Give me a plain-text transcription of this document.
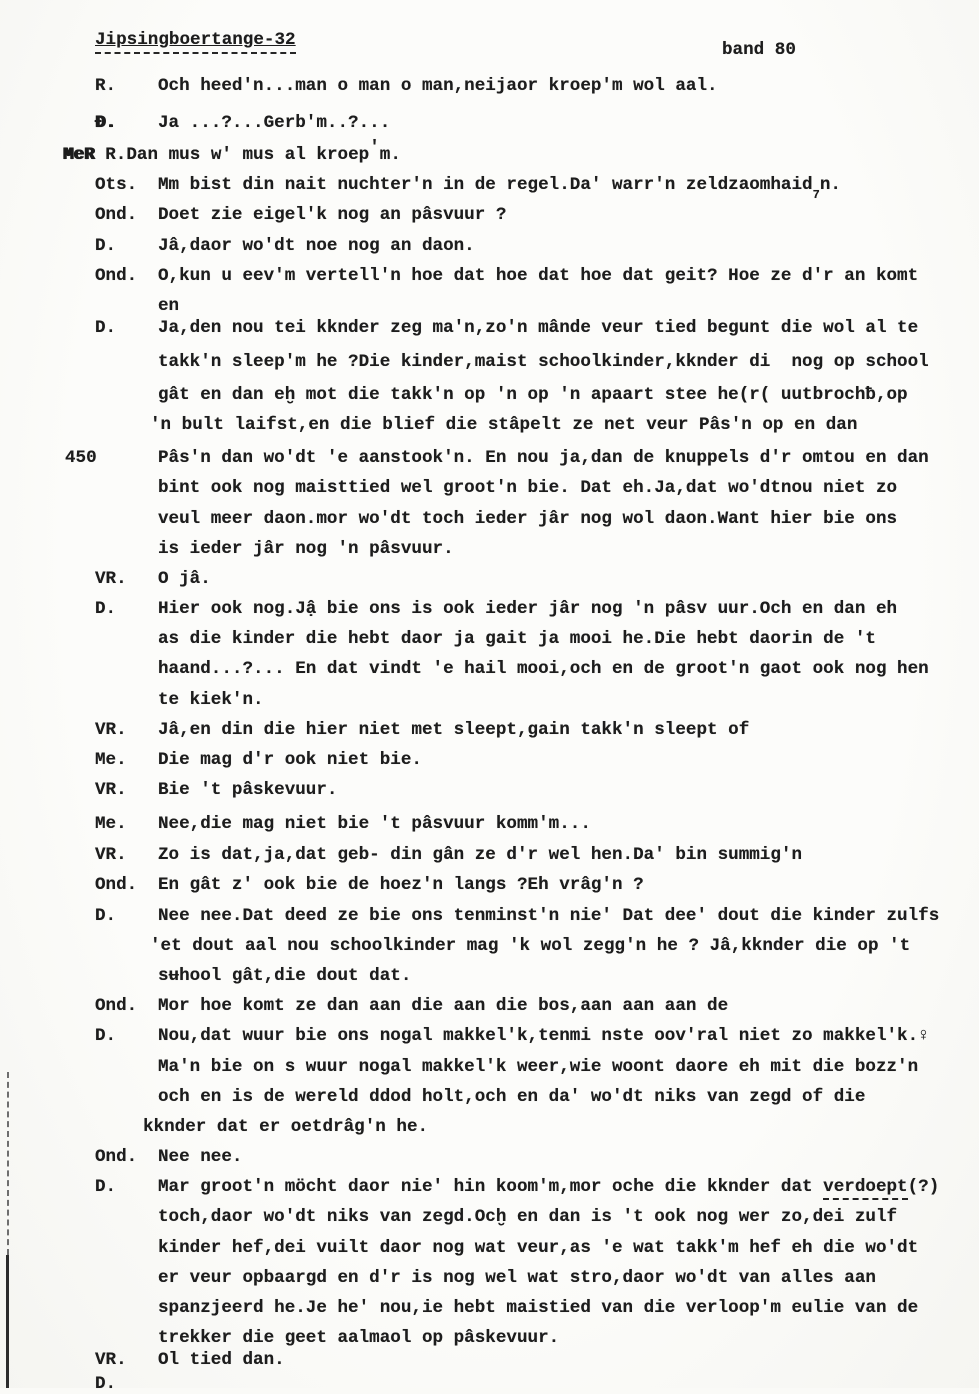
Jipsingboertange-32	band 80
R. Och heed'n...man o man o man,neijaor kroep'm wol aal.
Ɖ. Ja ...?...Gerb'm..?...
MeR R.Dan mus w' mus al kroep'm.
Ots. Mm bist din nait nuchter'n in de regel.Da' warr'n zeldzaomhaid$_7$n.
Ond. Doet zie eigel'k nog an pâsvuur ?
D. Jâ,daor wo'dt noe nog an daon.
Ond. O,kun u eev'm vertell'n hoe dat hoe dat hoe dat geit? Hoe ze d'r an komt
en
D. Ja,den nou tei kknder zeg ma'n,zo'n mânde veur tied begunt die wol al te
takk'n sleep'm he ?Die kinder,maist schoolkinder,kknder di  nog op school
gât en dan eḫ mot die takk'n op 'n op 'n apaart stee he(r( uutbrochƀ,op
'n bult laifst,en die blief die stâpelt ze net veur Pâs'n op en dan
450	Pâs'n dan wo'dt 'e aanstook'n. En nou ja,dan de knuppels d'r omtou en dan
bint ook nog maisttied wel groot'n bie. Dat eh.Ja,dat wo'dtnou niet zo
veul meer daon.mor wo'dt toch ieder jâr nog wol daon.Want hier bie ons
is ieder jâr nog 'n pâsvuur.
VR. O jâ.
D. Hier ook nog.Jậ bie ons is ook ieder jâr nog 'n pâsv uur.Och en dan eh
as die kinder die hebt daor ja gait ja mooi he.Die hebt daorin de 't
haand...?... En dat vindt 'e hail mooi,och en de groot'n gaot ook nog hen
te kiek'n.
VR. Jâ,en din die hier niet met sleept,gain takk'n sleept of
Me. Die mag d'r ook niet bie.
VR. Bie 't pâskevuur.
Me. Nee,die mag niet bie 't pâsvuur komm'm...
VR. Zo is dat,ja,dat geb- din gân ze d'r wel hen.Da' bin summig'n
Ond. En gât z' ook bie de hoez'n langs ?Eh vrâg'n ?
D. Nee nee.Dat deed ze bie ons tenminst'n nie' Dat dee' dout die kinder zulfs
'et dout aal nou schoolkinder mag 'k wol zegg'n he ? Jâ,kknder die op 't
sʉhool gât,die dout dat.
Ond. Mor hoe komt ze dan aan die aan die bos,aan aan aan de
D. Nou,dat wuur bie ons nogal makkel'k,tenmi nste oov'ral niet zo makkel'k.♀
Ma'n bie on s wuur nogal makkel'k weer,wie woont daore eh mit die bozz'n
och en is de wereld ddod holt,och en da' wo'dt niks van zegd of die
kknder dat er oetdrâg'n he.
Ond. Nee nee.
D. Mar groot'n möcht daor nie' hin koom'm,mor oche die kknder dat verdoept(?)
toch,daor wo'dt niks van zegd.Ocḫ en dan is 't ook nog wer zo,dei zulf
kinder hef,dei vuilt daor nog wat veur,as 'e wat takk'm hef eh die wo'dt
er veur opbaargd en d'r is nog wel wat stro,daor wo'dt van alles aan
spanzjeerd he.Je he' nou,ie hebt maistied van die verloop'm eulie van de
trekker die geet aalmaol op pâskevuur.
VR. Ol tied dan.
D.
